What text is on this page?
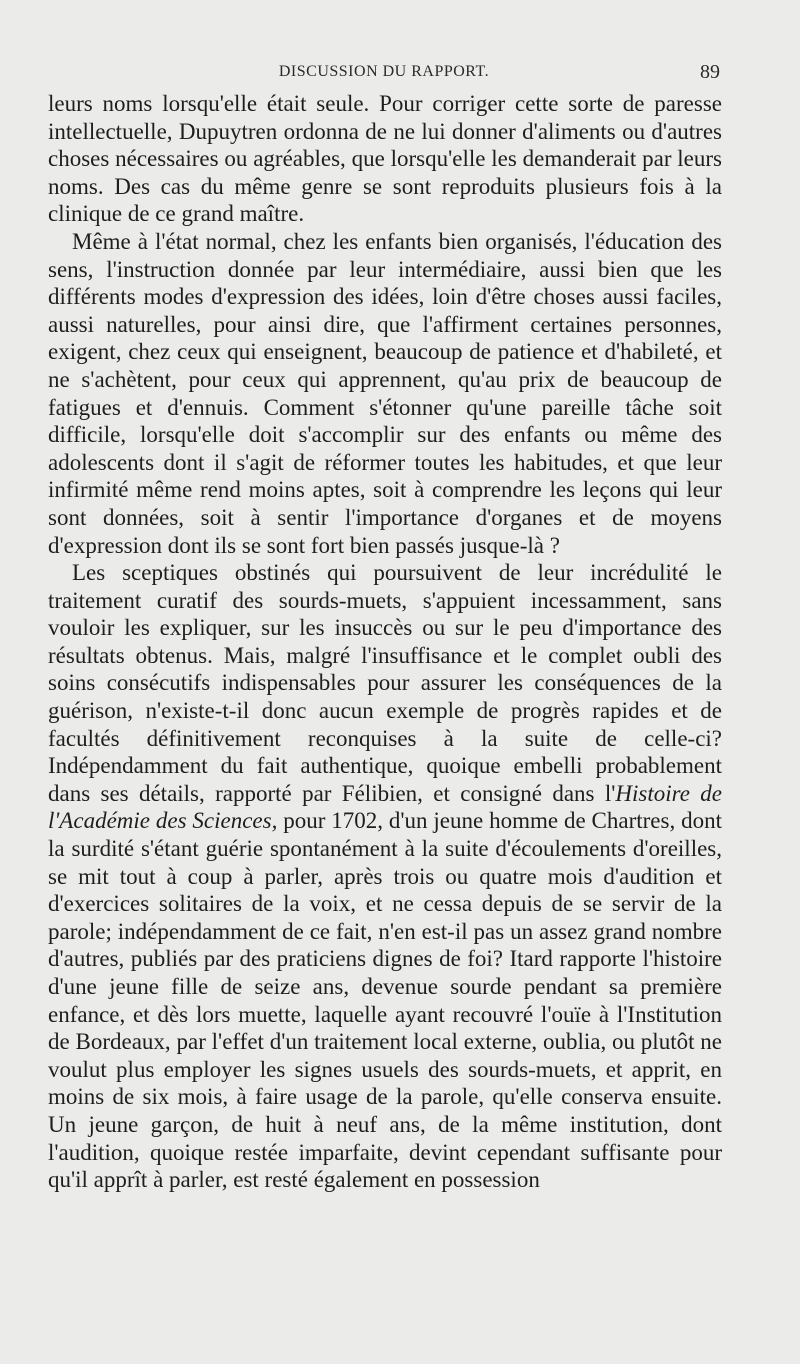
DISCUSSION DU RAPPORT.	89

leurs noms lorsqu'elle était seule. Pour corriger cette sorte de paresse intellectuelle, Dupuytren ordonna de ne lui donner d'aliments ou d'autres choses nécessaires ou agréables, que lorsqu'elle les demanderait par leurs noms. Des cas du même genre se sont reproduits plusieurs fois à la clinique de ce grand maître.

Même à l'état normal, chez les enfants bien organisés, l'éducation des sens, l'instruction donnée par leur intermédiaire, aussi bien que les différents modes d'expression des idées, loin d'être choses aussi faciles, aussi naturelles, pour ainsi dire, que l'affirment certaines personnes, exigent, chez ceux qui enseignent, beaucoup de patience et d'habileté, et ne s'achètent, pour ceux qui apprennent, qu'au prix de beaucoup de fatigues et d'ennuis. Comment s'étonner qu'une pareille tâche soit difficile, lorsqu'elle doit s'accomplir sur des enfants ou même des adolescents dont il s'agit de réformer toutes les habitudes, et que leur infirmité même rend moins aptes, soit à comprendre les leçons qui leur sont données, soit à sentir l'importance d'organes et de moyens d'expression dont ils se sont fort bien passés jusque-là ?

Les sceptiques obstinés qui poursuivent de leur incrédulité le traitement curatif des sourds-muets, s'appuient incessamment, sans vouloir les expliquer, sur les insuccès ou sur le peu d'importance des résultats obtenus. Mais, malgré l'insuffisance et le complet oubli des soins consécutifs indispensables pour assurer les conséquences de la guérison, n'existe-t-il donc aucun exemple de progrès rapides et de facultés définitivement reconquises à la suite de celle-ci? Indépendamment du fait authentique, quoique embelli probablement dans ses détails, rapporté par Félibien, et consigné dans l'Histoire de l'Académie des Sciences, pour 1702, d'un jeune homme de Chartres, dont la surdité s'étant guérie spontanément à la suite d'écoulements d'oreilles, se mit tout à coup à parler, après trois ou quatre mois d'audition et d'exercices solitaires de la voix, et ne cessa depuis de se servir de la parole; indépendamment de ce fait, n'en est-il pas un assez grand nombre d'autres, publiés par des praticiens dignes de foi? Itard rapporte l'histoire d'une jeune fille de seize ans, devenue sourde pendant sa première enfance, et dès lors muette, laquelle ayant recouvré l'ouïe à l'Institution de Bordeaux, par l'effet d'un traitement local externe, oublia, ou plutôt ne voulut plus employer les signes usuels des sourds-muets, et apprit, en moins de six mois, à faire usage de la parole, qu'elle conserva ensuite. Un jeune garçon, de huit à neuf ans, de la même institution, dont l'audition, quoique restée imparfaite, devint cependant suffisante pour qu'il apprît à parler, est resté également en possession
